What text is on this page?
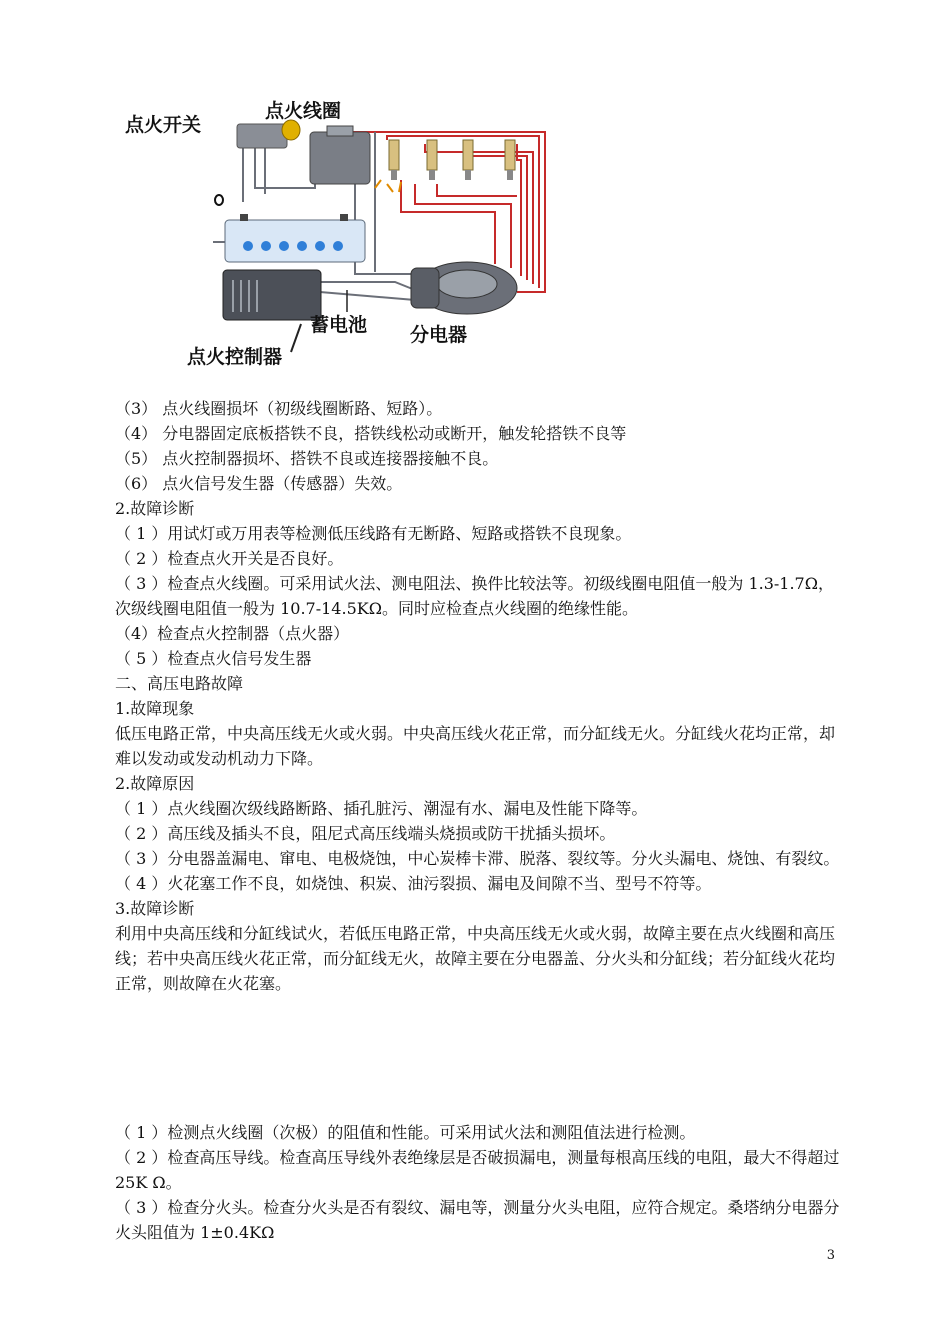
点火开关
点火线圈
蓄电池 分电器
点火控制器

（3） 点火线圈损坏（初级线圈断路、短路）。

（4） 分电器固定底板搭铁不良，搭铁线松动或断开，触发轮搭铁不良等

（5） 点火控制器损坏、搭铁不良或连接器接触不良。

（6） 点火信号发生器（传感器）失效。

2.故障诊断

（ 1 ）用试灯或万用表等检测低压线路有无断路、短路或搭铁不良现象。

（ 2 ）检查点火开关是否良好。

（ 3 ）检查点火线圈。可采用试火法、测电阻法、换件比较法等。初级线圈电阻值一般为 1.3-1.7Ω，次级线圈电阻值一般为 10.7-14.5KΩ。同时应检查点火线圈的绝缘性能。

（4）检查点火控制器（点火器）

（ 5 ）检查点火信号发生器

二、高压电路故障

1.故障现象

低压电路正常，中央高压线无火或火弱。中央高压线火花正常，而分缸线无火。分缸线火花均正常，却难以发动或发动机动力下降。

2.故障原因

（ 1 ）点火线圈次级线路断路、插孔脏污、潮湿有水、漏电及性能下降等。

（ 2 ）高压线及插头不良，阻尼式高压线端头烧损或防干扰插头损坏。

（ 3 ）分电器盖漏电、窜电、电极烧蚀，中心炭棒卡滞、脱落、裂纹等。分火头漏电、烧蚀、有裂纹。

（ 4 ）火花塞工作不良，如烧蚀、积炭、油污裂损、漏电及间隙不当、型号不符等。

3.故障诊断

利用中央高压线和分缸线试火，若低压电路正常，中央高压线无火或火弱，故障主要在点火线圈和高压线；若中央高压线火花正常，而分缸线无火，故障主要在分电器盖、分火头和分缸线；若分缸线火花均正常，则故障在火花塞。

（ 1 ）检测点火线圈（次极）的阻值和性能。可采用试火法和测阻值法进行检测。

（ 2 ）检查高压导线。检查高压导线外表绝缘层是否破损漏电，测量每根高压线的电阻，最大不得超过 25K Ω。

（ 3 ）检查分火头。检查分火头是否有裂纹、漏电等，测量分火头电阻，应符合规定。桑塔纳分电器分火头阻值为 1±0.4KΩ

3
